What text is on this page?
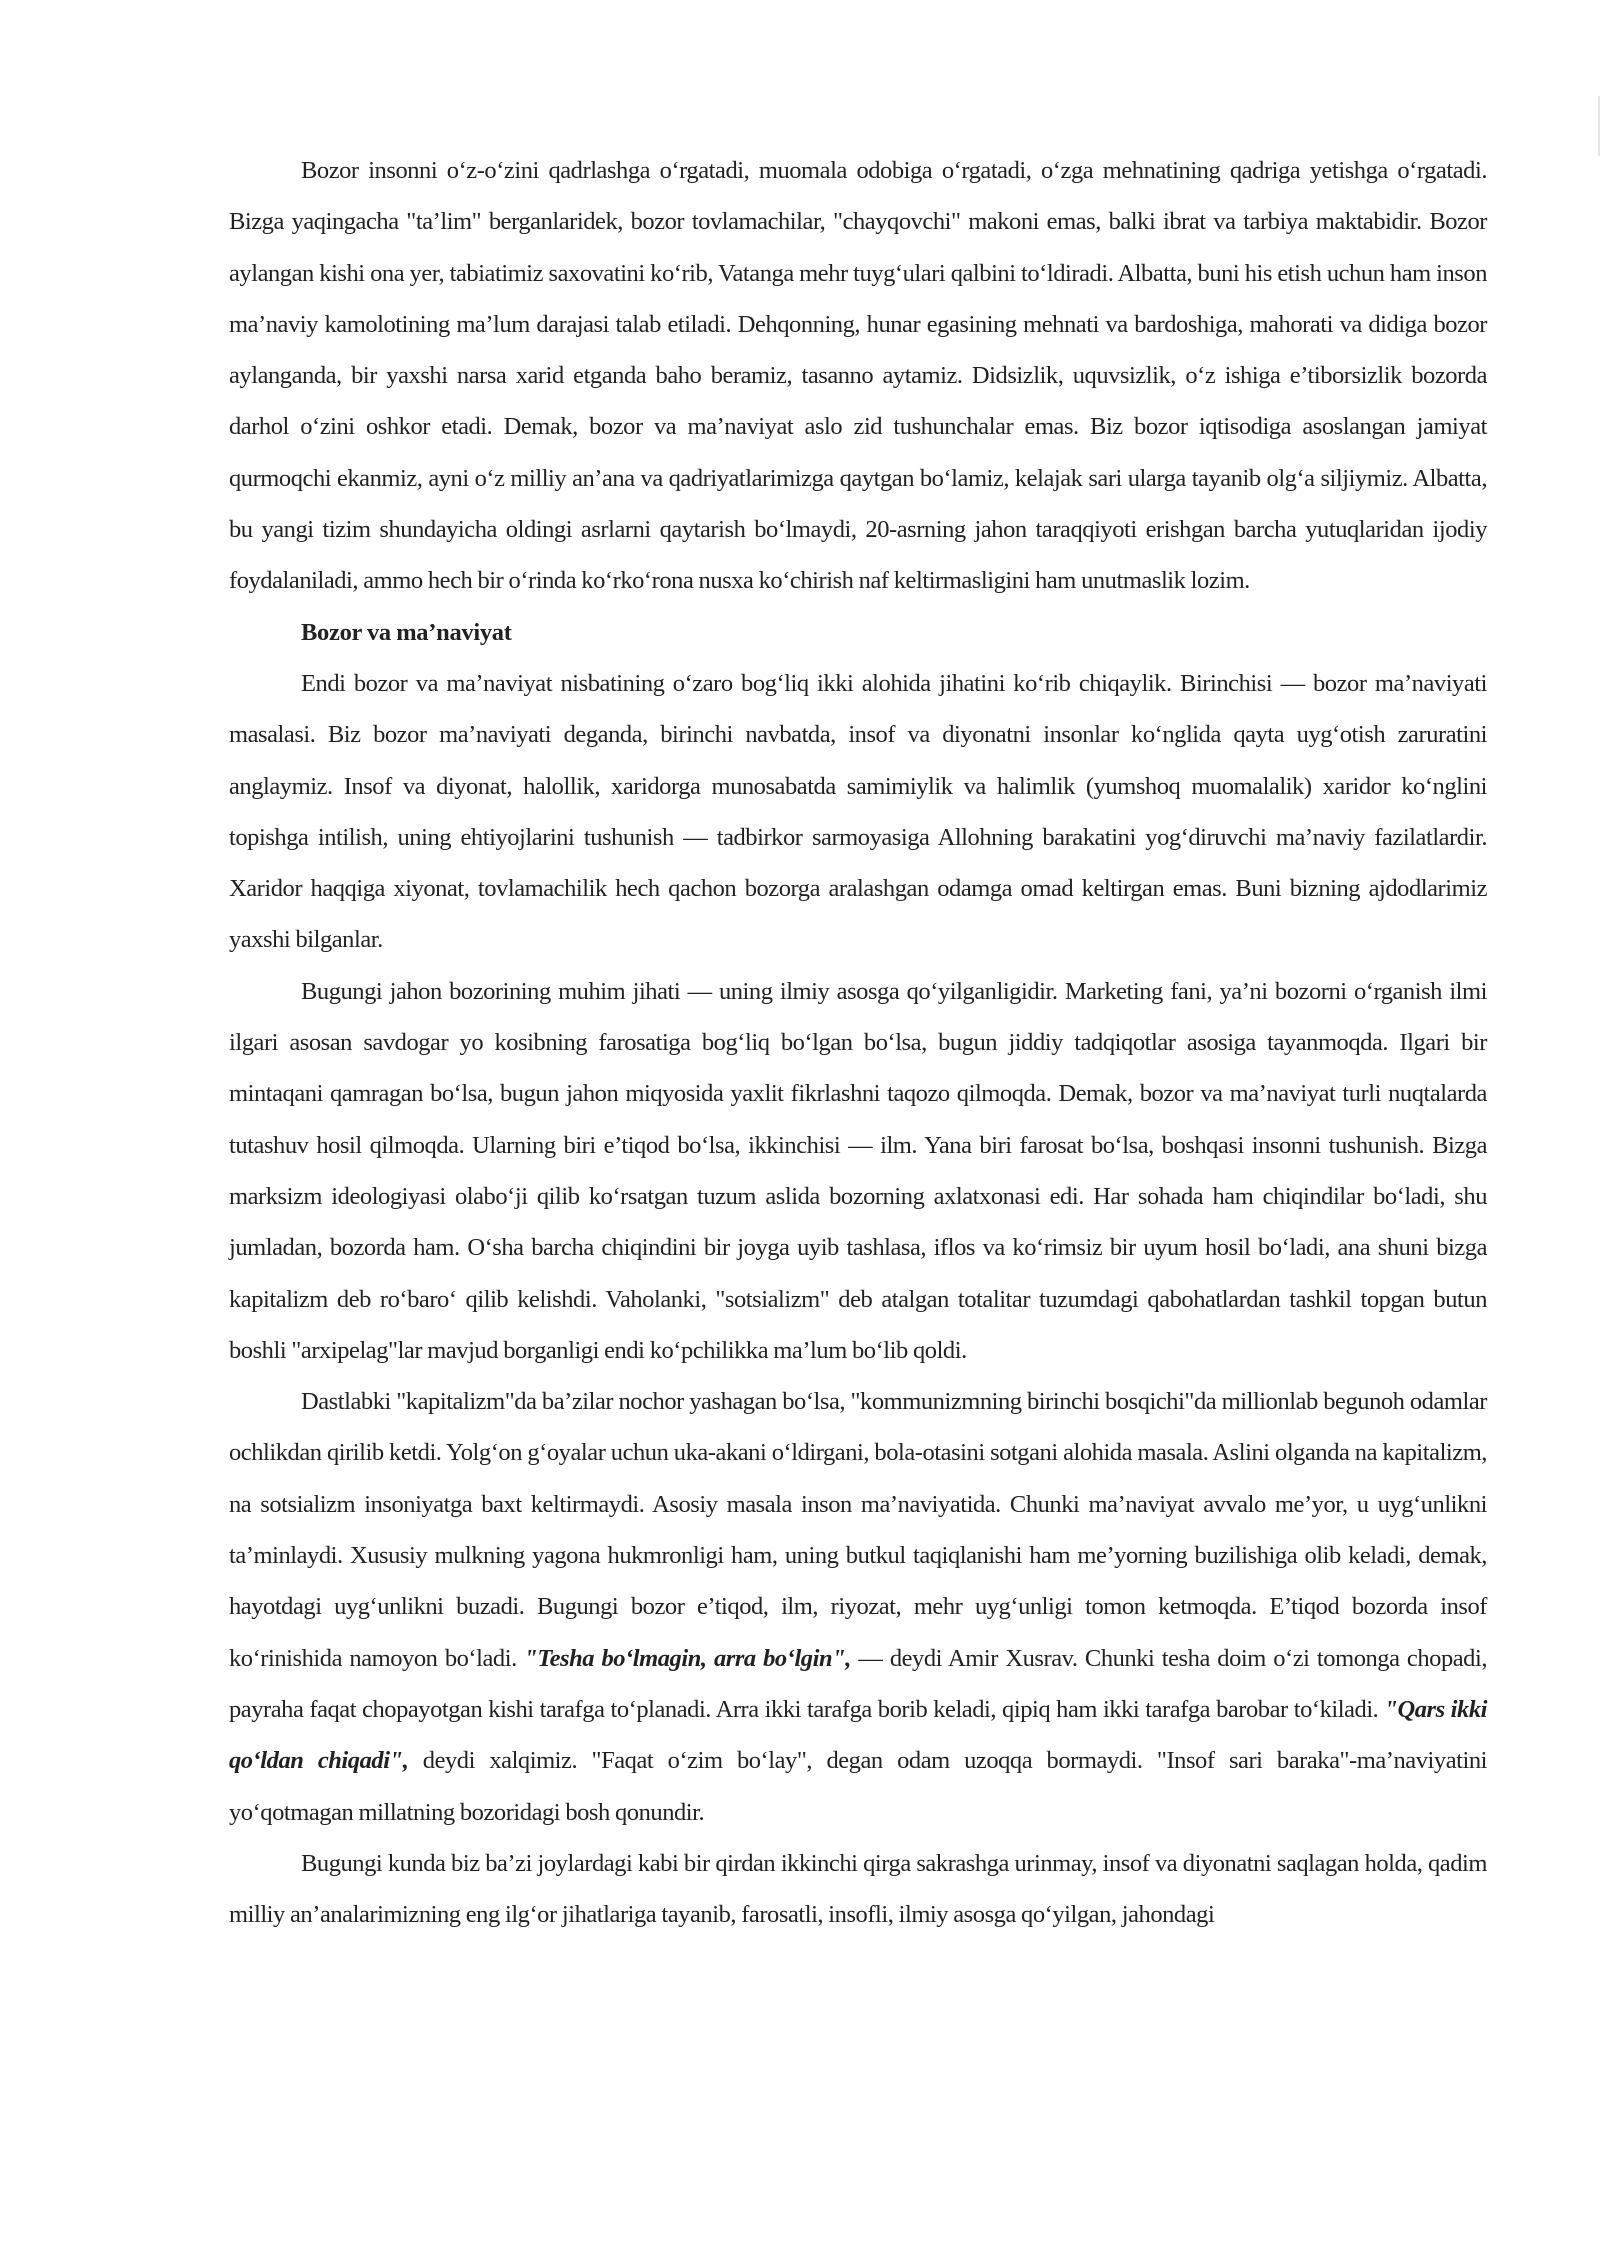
Bozor insonni o‘z-o‘zini qadrlashga o‘rgatadi, muomala odobiga o‘rgatadi, o‘zga mehnatining qadriga yetishga o‘rgatadi. Bizga yaqingacha "ta’lim" berganlaridek, bozor tovlamachilar, "chayqovchi" makoni emas, balki ibrat va tarbiya maktabidir. Bozor aylangan kishi ona yer, tabiatimiz saxovatini ko‘rib, Vatanga mehr tuyg‘ulari qalbini to‘ldiradi. Albatta, buni his etish uchun ham inson ma’naviy kamolotining ma’lum darajasi talab etiladi. Dehqonning, hunar egasining mehnati va bardoshiga, mahorati va didiga bozor aylanganda, bir yaxshi narsa xarid etganda baho beramiz, tasanno aytamiz. Didsizlik, uquvsizlik, o‘z ishiga e’tiborsizlik bozorda darhol o‘zini oshkor etadi. Demak, bozor va ma’naviyat aslo zid tushunchalar emas. Biz bozor iqtisodiga asoslangan jamiyat qurmoqchi ekanmiz, ayni o‘z milliy an’ana va qadriyatlarimizga qaytgan bo‘lamiz, kelajak sari ularga tayanib olg‘a siljiymiz. Albatta, bu yangi tizim shundayicha oldingi asrlarni qaytarish bo‘lmaydi, 20-asrning jahon taraqqiyoti erishgan barcha yutuqlaridan ijodiy foydalaniladi, ammo hech bir o‘rinda ko‘rko‘rona nusxa ko‘chirish naf keltirmasligini ham unutmaslik lozim.

Bozor va ma’naviyat

Endi bozor va ma’naviyat nisbatining o‘zaro bog‘liq ikki alohida jihatini ko‘rib chiqaylik. Birinchisi — bozor ma’naviyati masalasi. Biz bozor ma’naviyati deganda, birinchi navbatda, insof va diyonatni insonlar ko‘nglida qayta uyg‘otish zaruratini anglaymiz. Insof va diyonat, halollik, xaridorga munosabatda samimiylik va halimlik (yumshoq muomalalik) xaridor ko‘nglini topishga intilish, uning ehtiyojlarini tushunish — tadbirkor sarmoyasiga Allohning barakatini yog‘diruvchi ma’naviy fazilatlardir. Xaridor haqqiga xiyonat, tovlamachilik hech qachon bozorga aralashgan odamga omad keltirgan emas. Buni bizning ajdodlarimiz yaxshi bilganlar.

Bugungi jahon bozorining muhim jihati — uning ilmiy asosga qo‘yilganligidir. Marketing fani, ya’ni bozorni o‘rganish ilmi ilgari asosan savdogar yo kosibning farosatiga bog‘liq bo‘lgan bo‘lsa, bugun jiddiy tadqiqotlar asosiga tayanmoqda. Ilgari bir mintaqani qamragan bo‘lsa, bugun jahon miqyosida yaxlit fikrlashni taqozo qilmoqda. Demak, bozor va ma’naviyat turli nuqtalarda tutashuv hosil qilmoqda. Ularning biri e’tiqod bo‘lsa, ikkinchisi — ilm. Yana biri farosat bo‘lsa, boshqasi insonni tushunish. Bizga marksizm ideologiyasi olabo‘ji qilib ko‘rsatgan tuzum aslida bozorning axlatxonasi edi. Har sohada ham chiqindilar bo‘ladi, shu jumladan, bozorda ham. O‘sha barcha chiqindini bir joyga uyib tashlasa, iflos va ko‘rimsiz bir uyum hosil bo‘ladi, ana shuni bizga kapitalizm deb ro‘baro‘ qilib kelishdi. Vaholanki, "sotsializm" deb atalgan totalitar tuzumdagi qabohatlardan tashkil topgan butun boshli "arxipelag"lar mavjud borganligi endi ko‘pchilikka ma’lum bo‘lib qoldi.

Dastlabki "kapitalizm"da ba’zilar nochor yashagan bo‘lsa, "kommunizmning birinchi bosqichi"da millionlab begunoh odamlar ochlikdan qirilib ketdi. Yolg‘on g‘oyalar uchun uka-akani o‘ldirgani, bola-otasini sotgani alohida masala. Aslini olganda na kapitalizm, na sotsializm insoniyatga baxt keltirmaydi. Asosiy masala inson ma’naviyatida. Chunki ma’naviyat avvalo me’yor, u uyg‘unlikni ta’minlaydi. Xususiy mulkning yagona hukmronligi ham, uning butkul taqiqlanishi ham me’yorning buzilishiga olib keladi, demak, hayotdagi uyg‘unlikni buzadi. Bugungi bozor e’tiqod, ilm, riyozat, mehr uyg‘unligi tomon ketmoqda. E’tiqod bozorda insof ko‘rinishida namoyon bo‘ladi. "Tesha bo‘lmagin, arra bo‘lgin", — deydi Amir Xusrav. Chunki tesha doim o‘zi tomonga chopadi, payraha faqat chopayotgan kishi tarafga to‘planadi. Arra ikki tarafga borib keladi, qipiq ham ikki tarafga barobar to‘kiladi. "Qars ikki qo‘ldan chiqadi", deydi xalqimiz. "Faqat o‘zim bo‘lay", degan odam uzoqqa bormaydi. "Insof sari baraka"-ma’naviyatini yo‘qotmagan millatning bozoridagi bosh qonundir.

Bugungi kunda biz ba’zi joylardagi kabi bir qirdan ikkinchi qirga sakrashga urinmay, insof va diyonatni saqlagan holda, qadim milliy an’analarimizning eng ilg‘or jihatlariga tayanib, farosatli, insofli, ilmiy asosga qo‘yilgan, jahondagi
